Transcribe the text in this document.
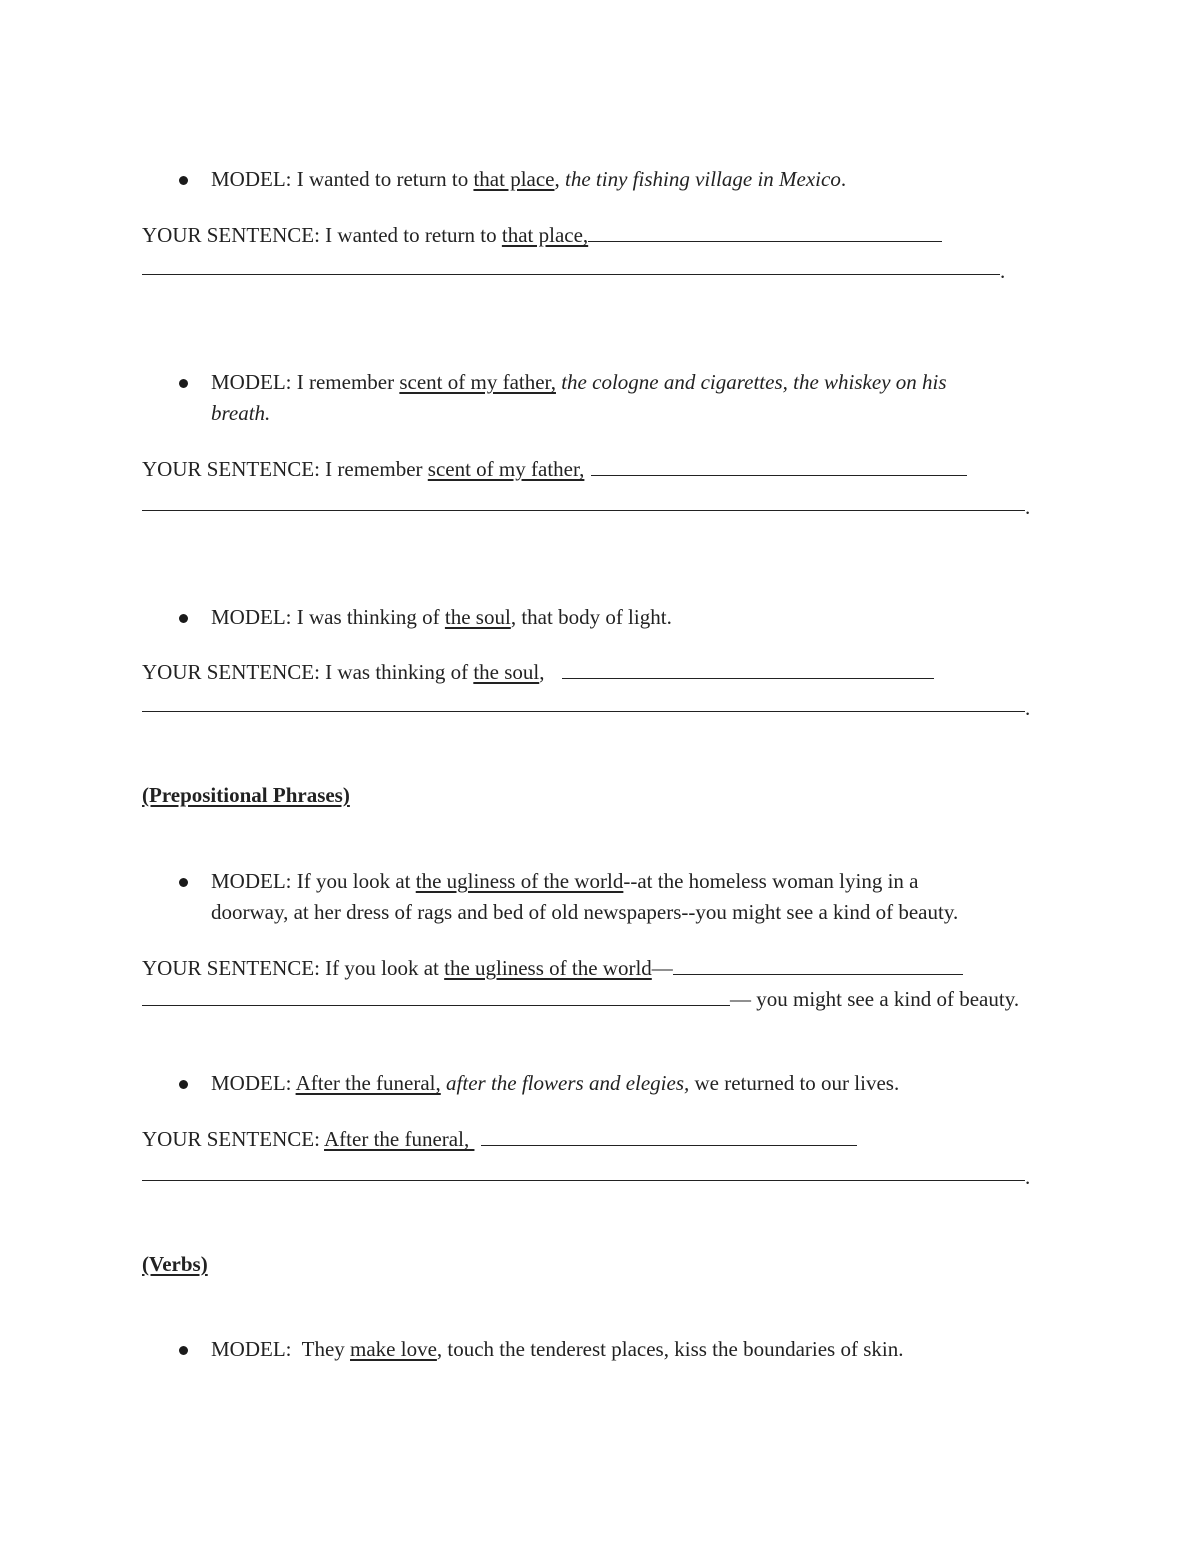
MODEL: I wanted to return to that place, the tiny fishing village in Mexico.
YOUR SENTENCE: I wanted to return to that place,
.
MODEL: I remember scent of my father, the cologne and cigarettes, the whiskey on his
breath.
YOUR SENTENCE: I remember scent of my father,
.
MODEL: I was thinking of the soul, that body of light.
YOUR SENTENCE: I was thinking of the soul,
.
(Prepositional Phrases)
MODEL: If you look at the ugliness of the world--at the homeless woman lying in a
doorway, at her dress of rags and bed of old newspapers--you might see a kind of beauty.
YOUR SENTENCE: If you look at the ugliness of the world—
— you might see a kind of beauty.
MODEL: After the funeral, after the flowers and elegies, we returned to our lives.
YOUR SENTENCE: After the funeral,
.
(Verbs)
MODEL:  They make love, touch the tenderest places, kiss the boundaries of skin.
